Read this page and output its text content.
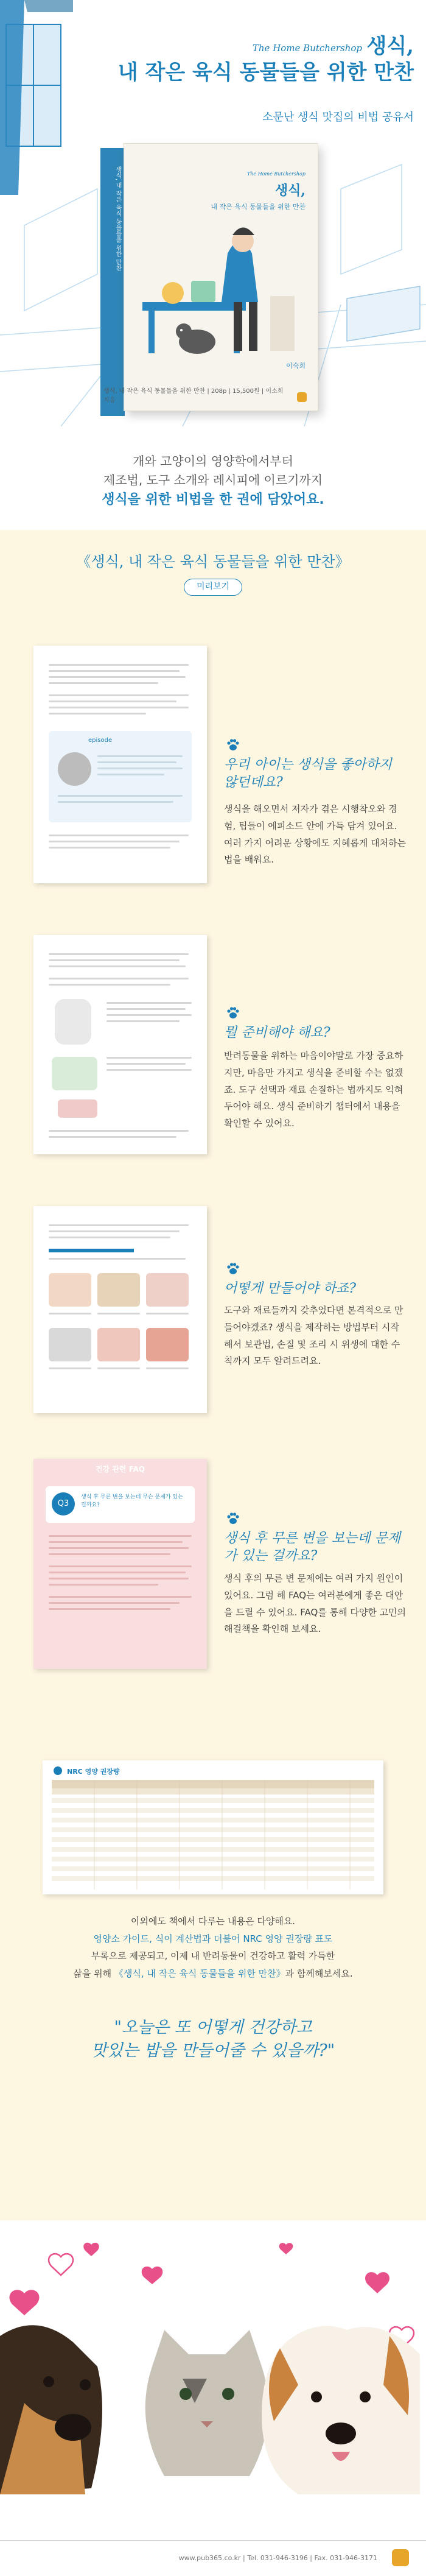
The Home Butchershop 생식,
내 작은 육식 동물들을 위한 만찬
소문난 생식 맛집의 비법 공유서
생식, 내 작은 육식 동물들을 위한 만찬	The Home Butchershop
생식,
내 작은 육식 동물들을 위한 만찬
이숙희
생식, 내 작은 육식 동물들을 위한 만찬 | 208p | 15,500원 | 이소희 지음
개와 고양이의 영양학에서부터
제조법, 도구 소개와 레시피에 이르기까지
생식을 위한 비법을 한 권에 담았어요.
《생식, 내 작은 육식 동물들을 위한 만찬》
미리보기
episode
우리 아이는 생식을 좋아하지 않던데요?
생식을 해오면서 저자가 겪은 시행착오와 경험, 팁들이 에피소드 안에 가득 담겨 있어요. 여러 가지 어려운 상황에도 지혜롭게 대처하는 법을 배워요.
뭘 준비해야 해요?
반려동물을 위하는 마음이야말로 가장 중요하지만, 마음만 가지고 생식을 준비할 수는 없겠죠. 도구 선택과 재료 손질하는 법까지도 익혀두어야 해요. 생식 준비하기 챕터에서 내용을 확인할 수 있어요.
어떻게 만들어야 하죠?
도구와 재료들까지 갖추었다면 본격적으로 만들어야겠죠? 생식을 제작하는 방법부터 시작해서 보관법, 손질 및 조리 시 위생에 대한 수칙까지 모두 알려드려요.
건강 관련 FAQ
Q3
생식 후 무른 변을 보는데 무슨 문제가 있는 걸까요?
생식 후 무른 변을 보는데 문제가 있는 걸까요?
생식 후의 무른 변 문제에는 여러 가지 원인이 있어요. 그럼 해 FAQ는 여러분에게 좋은 대안을 드릴 수 있어요. FAQ를 통해 다양한 고민의 해결책을 확인해 보세요.
NRC 영양 권장량

이외에도 책에서 다루는 내용은 다양해요.

영양소 가이드, 식이 계산법과 더불어 NRC 영양 권장량 표도

부록으로 제공되고, 이제 내 반려동물이 건강하고 활력 가득한

삶을 위해 《생식, 내 작은 육식 동물들을 위한 만찬》과 함께해보세요.

"오늘은 또 어떻게 건강하고
맛있는 밥을 만들어줄 수 있을까?"
www.pub365.co.kr | Tel. 031-946-3196 | Fax. 031-946-3171
